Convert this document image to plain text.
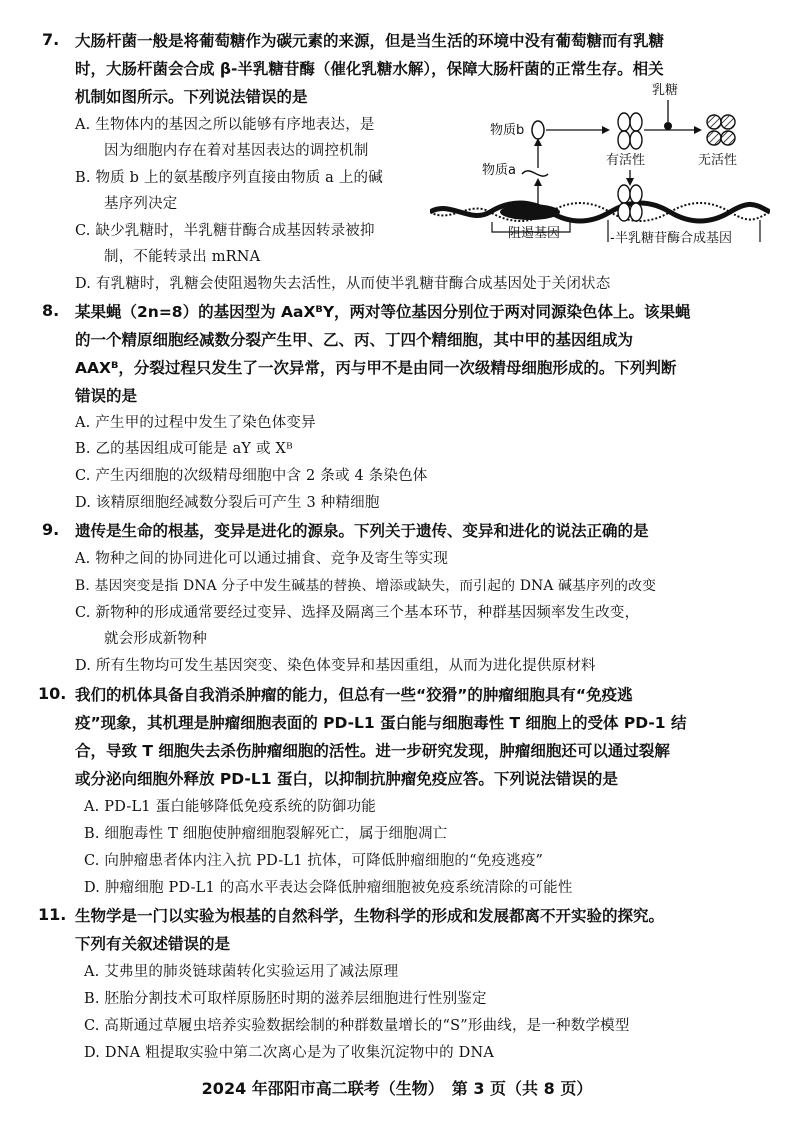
7. 大肠杆菌一般是将葡萄糖作为碳元素的来源，但是当生活的环境中没有葡萄糖而有乳糖
时，大肠杆菌会合成 β-半乳糖苷酶（催化乳糖水解），保障大肠杆菌的正常生存。相关
机制如图所示。下列说法错误的是
A. 生物体内的基因之所以能够有序地表达，是
因为细胞内存在着对基因表达的调控机制
B. 物质 b 上的氨基酸序列直接由物质 a 上的碱
基序列决定
C. 缺少乳糖时，半乳糖苷酶合成基因转录被抑
制，不能转录出 mRNA
D. 有乳糖时，乳糖会使阻遏物失去活性，从而使半乳糖苷酶合成基因处于关闭状态
阻遏基因	半乳糖苷酶合成基因
-
物质a
物质b
有活性
乳糖
无活性
8. 某果蝇（2n=8）的基因型为 AaXᴮY，两对等位基因分别位于两对同源染色体上。该果蝇
的一个精原细胞经减数分裂产生甲、乙、丙、丁四个精细胞，其中甲的基因组成为
AAXᴮ，分裂过程只发生了一次异常，丙与甲不是由同一次级精母细胞形成的。下列判断
错误的是
A. 产生甲的过程中发生了染色体变异
B. 乙的基因组成可能是 aY 或 Xᴮ
C. 产生丙细胞的次级精母细胞中含 2 条或 4 条染色体
D. 该精原细胞经减数分裂后可产生 3 种精细胞
9. 遗传是生命的根基，变异是进化的源泉。下列关于遗传、变异和进化的说法正确的是
A. 物种之间的协同进化可以通过捕食、竞争及寄生等实现
B. 基因突变是指 DNA 分子中发生碱基的替换、增添或缺失，而引起的 DNA 碱基序列的改变
C. 新物种的形成通常要经过变异、选择及隔离三个基本环节，种群基因频率发生改变，
就会形成新物种
D. 所有生物均可发生基因突变、染色体变异和基因重组，从而为进化提供原材料
10. 我们的机体具备自我消杀肿瘤的能力，但总有一些“狡猾”的肿瘤细胞具有“免疫逃
疫”现象，其机理是肿瘤细胞表面的 PD-L1 蛋白能与细胞毒性 T 细胞上的受体 PD-1 结
合，导致 T 细胞失去杀伤肿瘤细胞的活性。进一步研究发现，肿瘤细胞还可以通过裂解
或分泌向细胞外释放 PD-L1 蛋白，以抑制抗肿瘤免疫应答。下列说法错误的是
A. PD-L1 蛋白能够降低免疫系统的防御功能
B. 细胞毒性 T 细胞使肿瘤细胞裂解死亡，属于细胞凋亡
C. 向肿瘤患者体内注入抗 PD-L1 抗体，可降低肿瘤细胞的“免疫逃疫”
D. 肿瘤细胞 PD-L1 的高水平表达会降低肿瘤细胞被免疫系统清除的可能性
11. 生物学是一门以实验为根基的自然科学，生物科学的形成和发展都离不开实验的探究。
下列有关叙述错误的是
A. 艾弗里的肺炎链球菌转化实验运用了减法原理
B. 胚胎分割技术可取样原肠胚时期的滋养层细胞进行性别鉴定
C. 高斯通过草履虫培养实验数据绘制的种群数量增长的“S”形曲线，是一种数学模型
D. DNA 粗提取实验中第二次离心是为了收集沉淀物中的 DNA
2024 年邵阳市高二联考（生物）　第 3 页（共 8 页）
